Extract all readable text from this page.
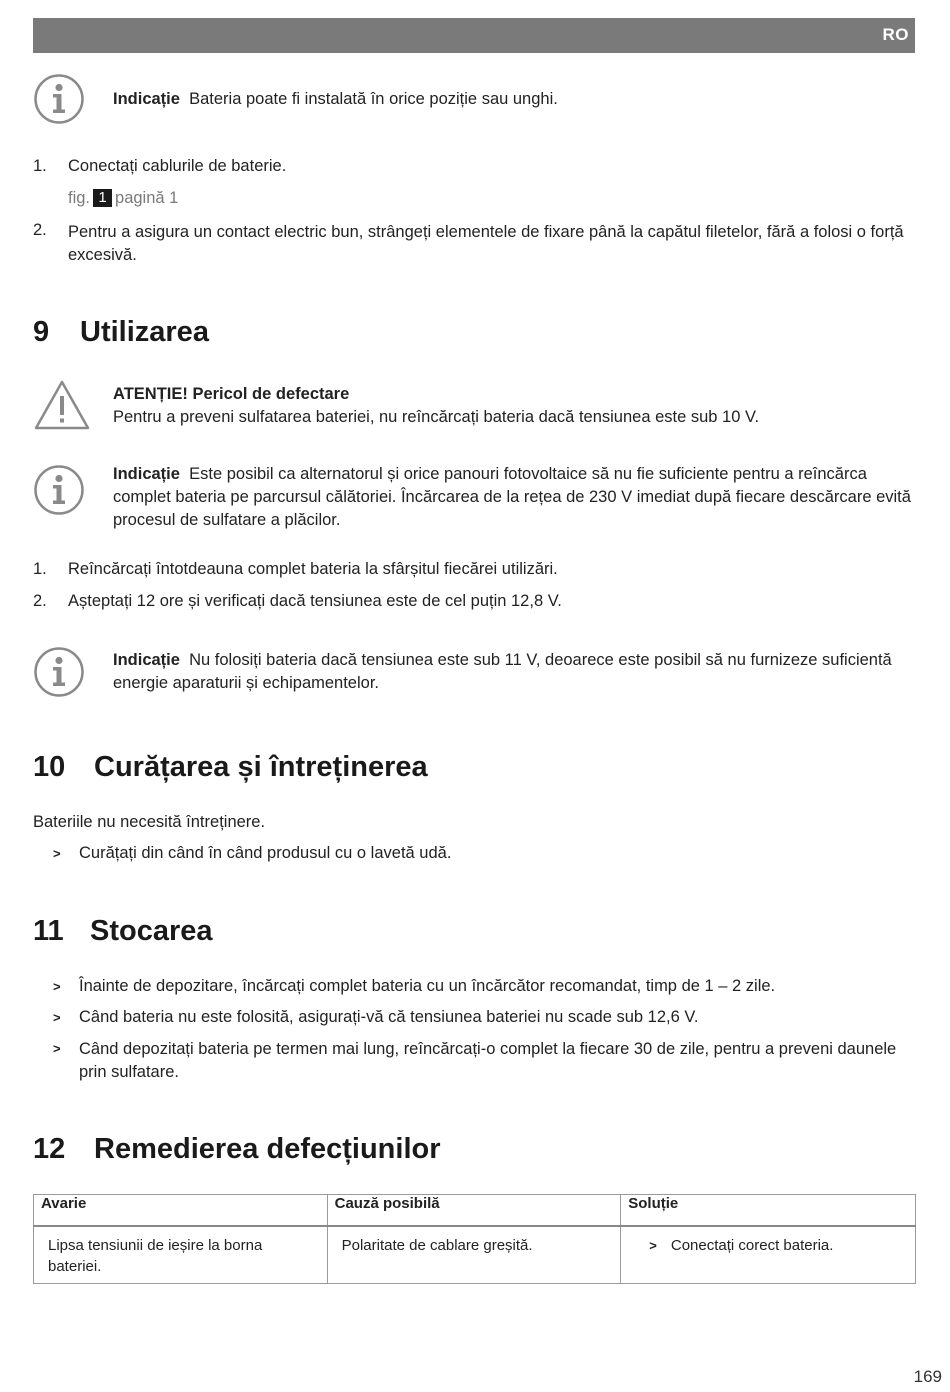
RO
Indicație Bateria poate fi instalată în orice poziție sau unghi.
1. Conectați cablurile de baterie.
fig. 1 pagină 1
2. Pentru a asigura un contact electric bun, strângeți elementele de fixare până la capătul filetelor, fără a folosi o forță excesivă.
9 Utilizarea
ATENȚIE! Pericol de defectare
Pentru a preveni sulfatarea bateriei, nu reîncărcați bateria dacă tensiunea este sub 10 V.
Indicație Este posibil ca alternatorul și orice panouri fotovoltaice să nu fie suficiente pentru a reîncărca complet bateria pe parcursul călătoriei. Încărcarea de la rețea de 230 V imediat după fiecare descărcare evită procesul de sulfatare a plăcilor.
1. Reîncărcați întotdeauna complet bateria la sfârșitul fiecărei utilizări.
2. Așteptați 12 ore și verificați dacă tensiunea este de cel puțin 12,8 V.
Indicație Nu folosiți bateria dacă tensiunea este sub 11 V, deoarece este posibil să nu furnizeze suficientă energie aparaturii și echipamentelor.
10 Curățarea și întreținerea
Bateriile nu necesită întreținere.
> Curățați din când în când produsul cu o lavetă udă.
11 Stocarea
> Înainte de depozitare, încărcați complet bateria cu un încărcător recomandat, timp de 1 – 2 zile.
> Când bateria nu este folosită, asigurați-vă că tensiunea bateriei nu scade sub 12,6 V.
> Când depozitați bateria pe termen mai lung, reîncărcați-o complet la fiecare 30 de zile, pentru a preveni daunele prin sulfatare.
12 Remedierea defecțiunilor
Avarie	Cauză posibilă	Soluție
Lipsa tensiunii de ieșire la borna bateriei.	Polaritate de cablare greșită.	> Conectați corect bateria.
169
